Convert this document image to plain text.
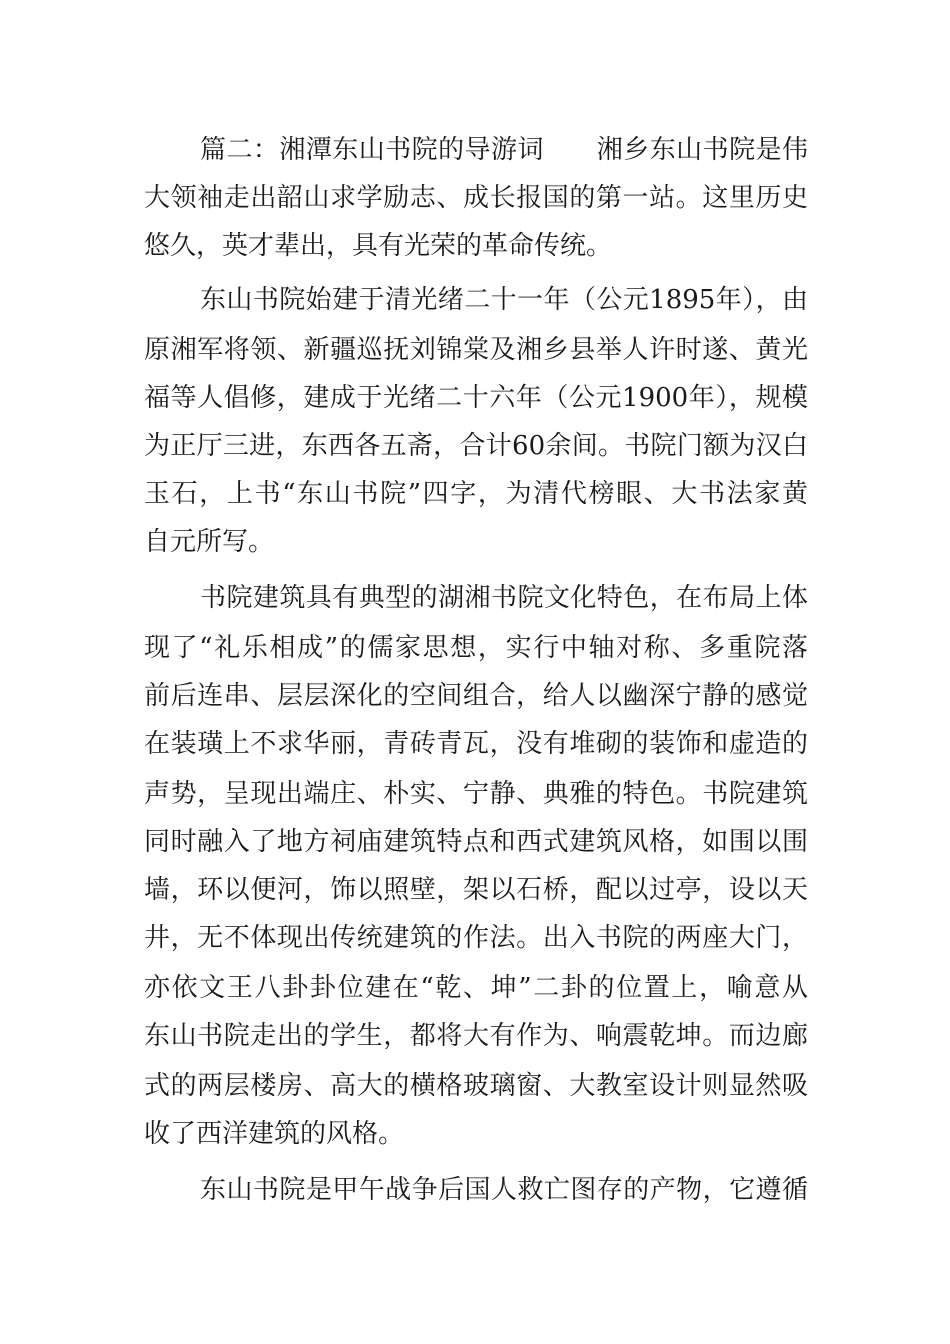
篇二：湘潭东山书院的导游词　　湘乡东山书院是伟
大领袖走出韶山求学励志、成长报国的第一站。这里历史
悠久，英才辈出，具有光荣的革命传统。
东山书院始建于清光绪二十一年（公元1895年），由
原湘军将领、新疆巡抚刘锦棠及湘乡县举人许时遂、黄光
福等人倡修，建成于光绪二十六年（公元1900年），规模
为正厅三进，东西各五斋，合计60余间。书院门额为汉白
玉石，上书“东山书院”四字，为清代榜眼、大书法家黄
自元所写。
书院建筑具有典型的湖湘书院文化特色，在布局上体
现了“礼乐相成”的儒家思想，实行中轴对称、多重院落
前后连串、层层深化的空间组合，给人以幽深宁静的感觉
在装璜上不求华丽，青砖青瓦，没有堆砌的装饰和虚造的
声势，呈现出端庄、朴实、宁静、典雅的特色。书院建筑
同时融入了地方祠庙建筑特点和西式建筑风格，如围以围
墙，环以便河，饰以照壁，架以石桥，配以过亭，设以天
井，无不体现出传统建筑的作法。出入书院的两座大门，
亦依文王八卦卦位建在“乾、坤”二卦的位置上，喻意从
东山书院走出的学生，都将大有作为、响震乾坤。而边廊
式的两层楼房、高大的横格玻璃窗、大教室设计则显然吸
收了西洋建筑的风格。
东山书院是甲午战争后国人救亡图存的产物，它遵循
